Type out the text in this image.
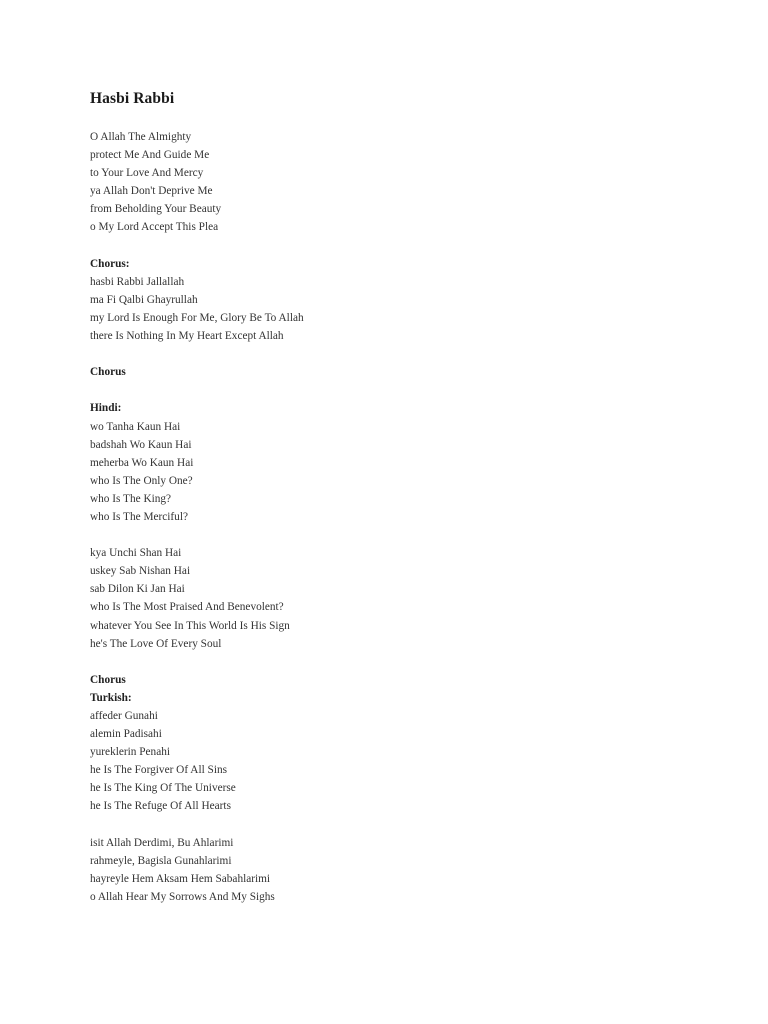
Hasbi Rabbi
O Allah The Almighty
protect Me And Guide Me
to Your Love And Mercy
ya Allah Don't Deprive Me
from Beholding Your Beauty
o My Lord Accept This Plea
Chorus:
hasbi Rabbi Jallallah
ma Fi Qalbi Ghayrullah
my Lord Is Enough For Me, Glory Be To Allah
there Is Nothing In My Heart Except Allah
Chorus
Hindi:
wo Tanha Kaun Hai
badshah Wo Kaun Hai
meherba Wo Kaun Hai
who Is The Only One?
who Is The King?
who Is The Merciful?
kya Unchi Shan Hai
uskey Sab Nishan Hai
sab Dilon Ki Jan Hai
who Is The Most Praised And Benevolent?
whatever You See In This World Is His Sign
he's The Love Of Every Soul
Chorus
Turkish:
affeder Gunahi
alemin Padisahi
yureklerin Penahi
he Is The Forgiver Of All Sins
he Is The King Of The Universe
he Is The Refuge Of All Hearts
isit Allah Derdimi, Bu Ahlarimi
rahmeyle, Bagisla Gunahlarimi
hayreyle Hem Aksam Hem Sabahlarimi
o Allah Hear My Sorrows And My Sighs
